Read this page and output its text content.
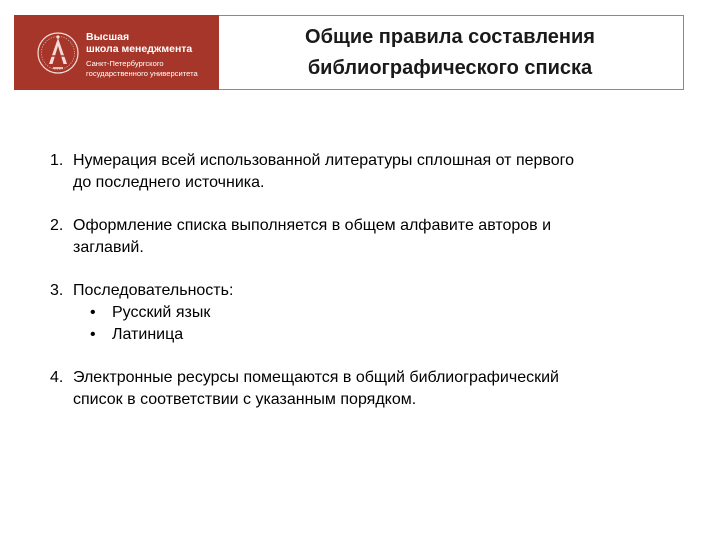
Высшая
школа менеджмента
Санкт-Петербургского
государственного университета
Общие правила составления
библиографического списка
1. Нумерация всей использованной литературы сплошная от первого
до последнего источника.
2. Оформление списка выполняется в общем алфавите авторов и
заглавий.
3. Последовательность:
• Русский язык
• Латиница
4. Электронные ресурсы помещаются в общий библиографический
список в соответствии с указанным порядком.
